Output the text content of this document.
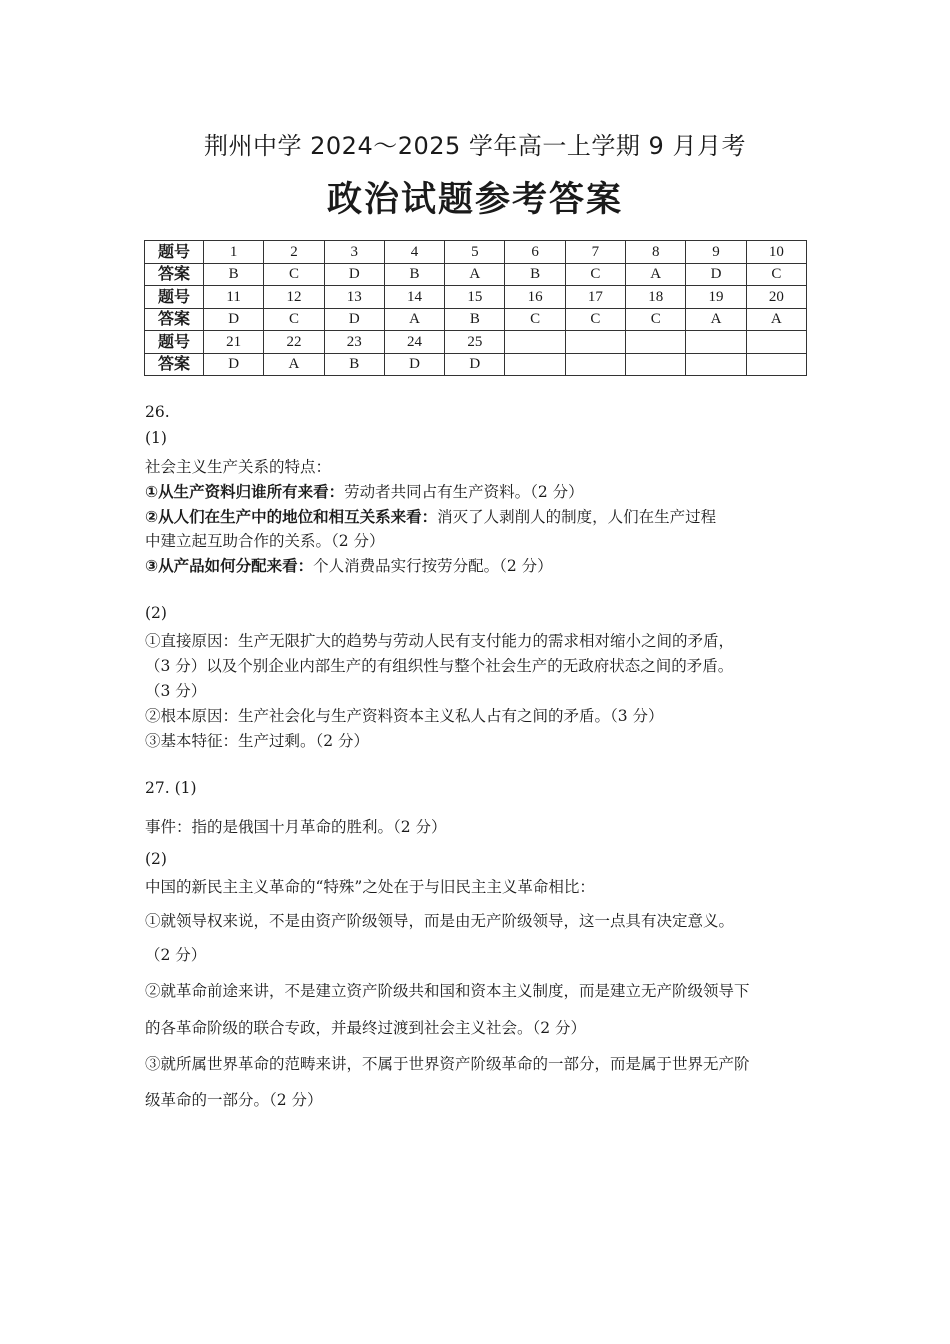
荆州中学 2024～2025 学年高一上学期 9 月月考
政治试题参考答案
题号	1	2	3	4	5	6	7	8	9	10
答案	B	C	D	B	A	B	C	A	D	C
题号	11	12	13	14	15	16	17	18	19	20
答案	D	C	D	A	B	C	C	C	A	A
题号	21	22	23	24	25					
答案	D	A	B	D	D					
26.
(1)
社会主义生产关系的特点：
①从生产资料归谁所有来看：劳动者共同占有生产资料。（2 分）
②从人们在生产中的地位和相互关系来看：消灭了人剥削人的制度，人们在生产过程
中建立起互助合作的关系。（2 分）
③从产品如何分配来看：个人消费品实行按劳分配。（2 分）
(2)
①直接原因：生产无限扩大的趋势与劳动人民有支付能力的需求相对缩小之间的矛盾，
（3 分）以及个别企业内部生产的有组织性与整个社会生产的无政府状态之间的矛盾。
（3 分）
②根本原因：生产社会化与生产资料资本主义私人占有之间的矛盾。（3 分）
③基本特征：生产过剩。（2 分）
27. (1)
事件：指的是俄国十月革命的胜利。（2 分）
(2)
中国的新民主主义革命的“特殊”之处在于与旧民主主义革命相比：
①就领导权来说，不是由资产阶级领导，而是由无产阶级领导，这一点具有决定意义。
（2 分）
②就革命前途来讲，不是建立资产阶级共和国和资本主义制度，而是建立无产阶级领导下
的各革命阶级的联合专政，并最终过渡到社会主义社会。（2 分）
③就所属世界革命的范畴来讲，不属于世界资产阶级革命的一部分，而是属于世界无产阶
级革命的一部分。（2 分）
